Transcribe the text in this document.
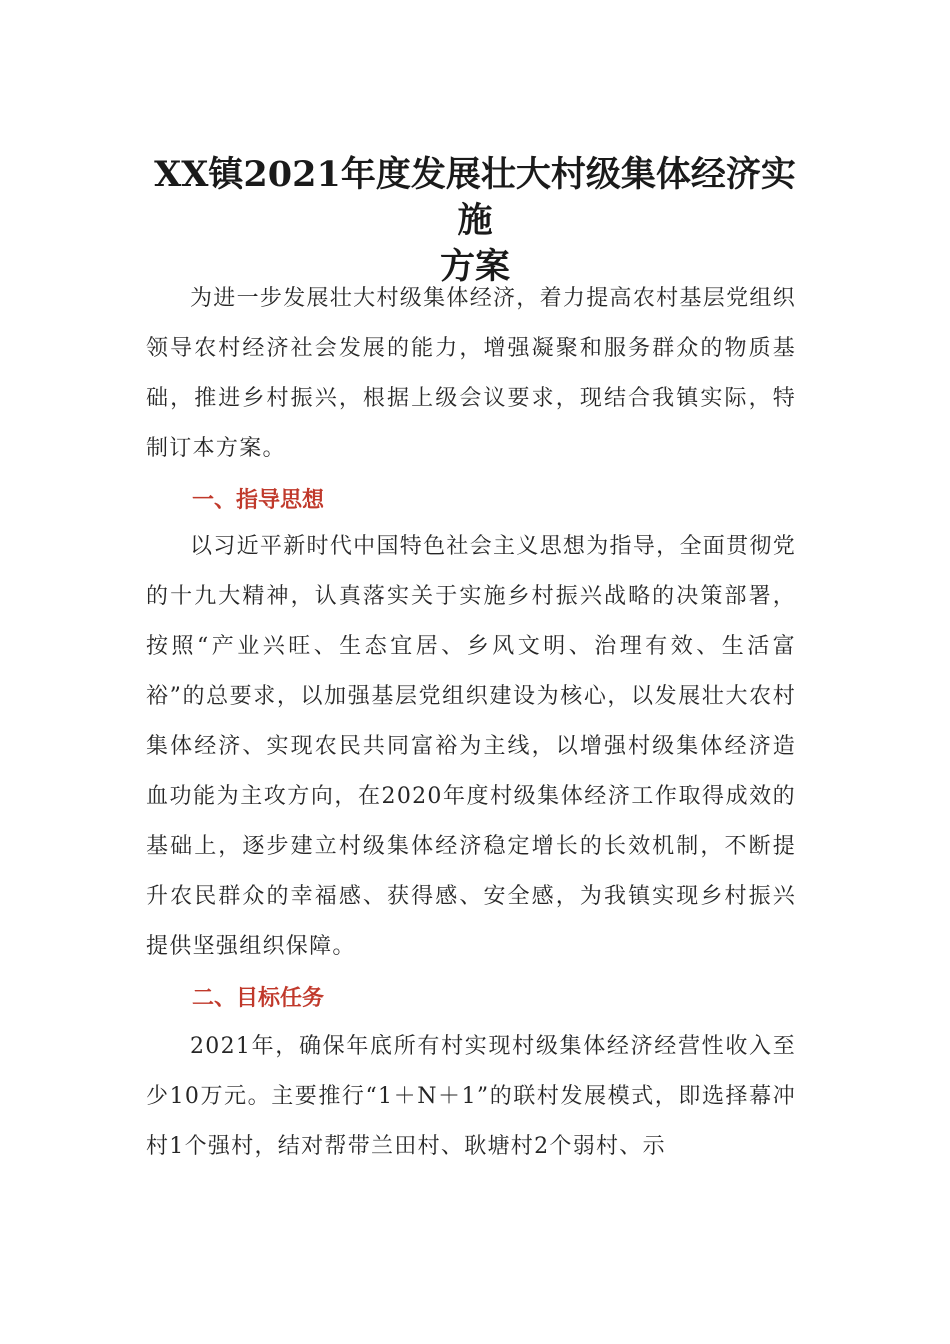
XX镇2021年度发展壮大村级集体经济实施
方案

为进一步发展壮大村级集体经济，着力提高农村基层党组织领导农村经济社会发展的能力，增强凝聚和服务群众的物质基础，推进乡村振兴，根据上级会议要求，现结合我镇实际，特制订本方案。

一、指导思想

以习近平新时代中国特色社会主义思想为指导，全面贯彻党的十九大精神，认真落实关于实施乡村振兴战略的决策部署，按照“产业兴旺、生态宜居、乡风文明、治理有效、生活富裕”的总要求，以加强基层党组织建设为核心，以发展壮大农村集体经济、实现农民共同富裕为主线，以增强村级集体经济造血功能为主攻方向，在2020年度村级集体经济工作取得成效的基础上，逐步建立村级集体经济稳定增长的长效机制，不断提升农民群众的幸福感、获得感、安全感，为我镇实现乡村振兴提供坚强组织保障。

二、目标任务

2021年，确保年底所有村实现村级集体经济经营性收入至少10万元。主要推行“1＋N＋1”的联村发展模式，即选择幕冲村1个强村，结对帮带兰田村、耿塘村2个弱村、示
